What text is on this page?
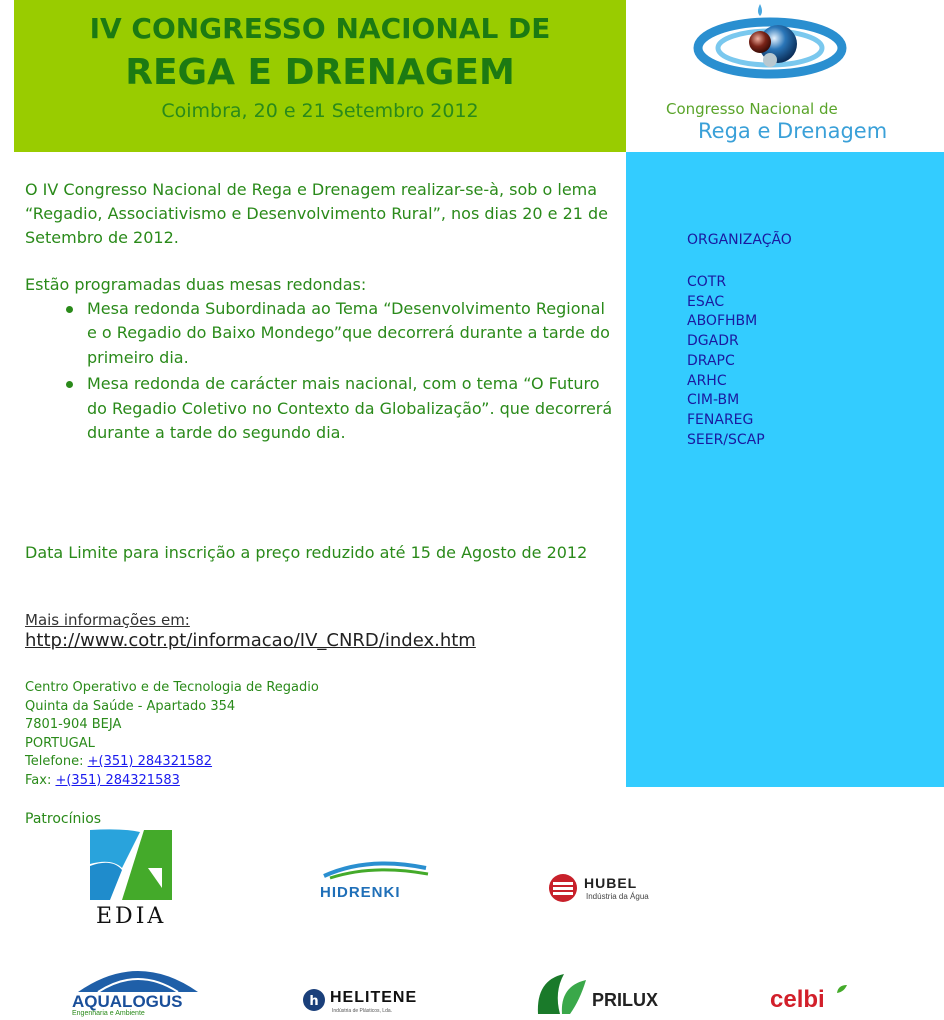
IV CONGRESSO NACIONAL DE
REGA E DRENAGEM
Coimbra, 20 e 21 Setembro 2012	Congresso Nacional de
Rega e Drenagem
ORGANIZAÇÃO
COTR
ESAC
ABOFHBM
DGADR
DRAPC
ARHC
CIM-BM
FENAREG
SEER/SCAP

O IV Congresso Nacional de Rega e Drenagem realizar-se-à, sob o lema “Regadio, Associativismo e Desenvolvimento Rural”, nos dias 20 e 21 de Setembro de 2012.

Estão programadas duas mesas redondas:

Mesa redonda Subordinada ao Tema “Desenvolvimento Regional e o Regadio do Baixo Mondego”que decorrerá durante a tarde do primeiro dia.
Mesa redonda de carácter mais nacional, com o tema “O Futuro do Regadio Coletivo no Contexto da Globalização”. que decorrerá durante a tarde do segundo dia.

Data Limite para inscrição a preço reduzido até 15 de Agosto de 2012

Mais informações em:

http://www.cotr.pt/informacao/IV_CNRD/index.htm
Centro Operativo e de Tecnologia de Regadio
Quinta da Saúde - Apartado 354
7801-904 BEJA
PORTUGAL
Telefone: +(351) 284321582
Fax: +(351) 284321583
Patrocínios
EDIA
HIDRENKI
HUBEL
Indústria da Água
AQUALOGUS
Engenharia e Ambiente
h HELITENE
Indústria de Plásticos, Lda.
PRILUX	celbi
